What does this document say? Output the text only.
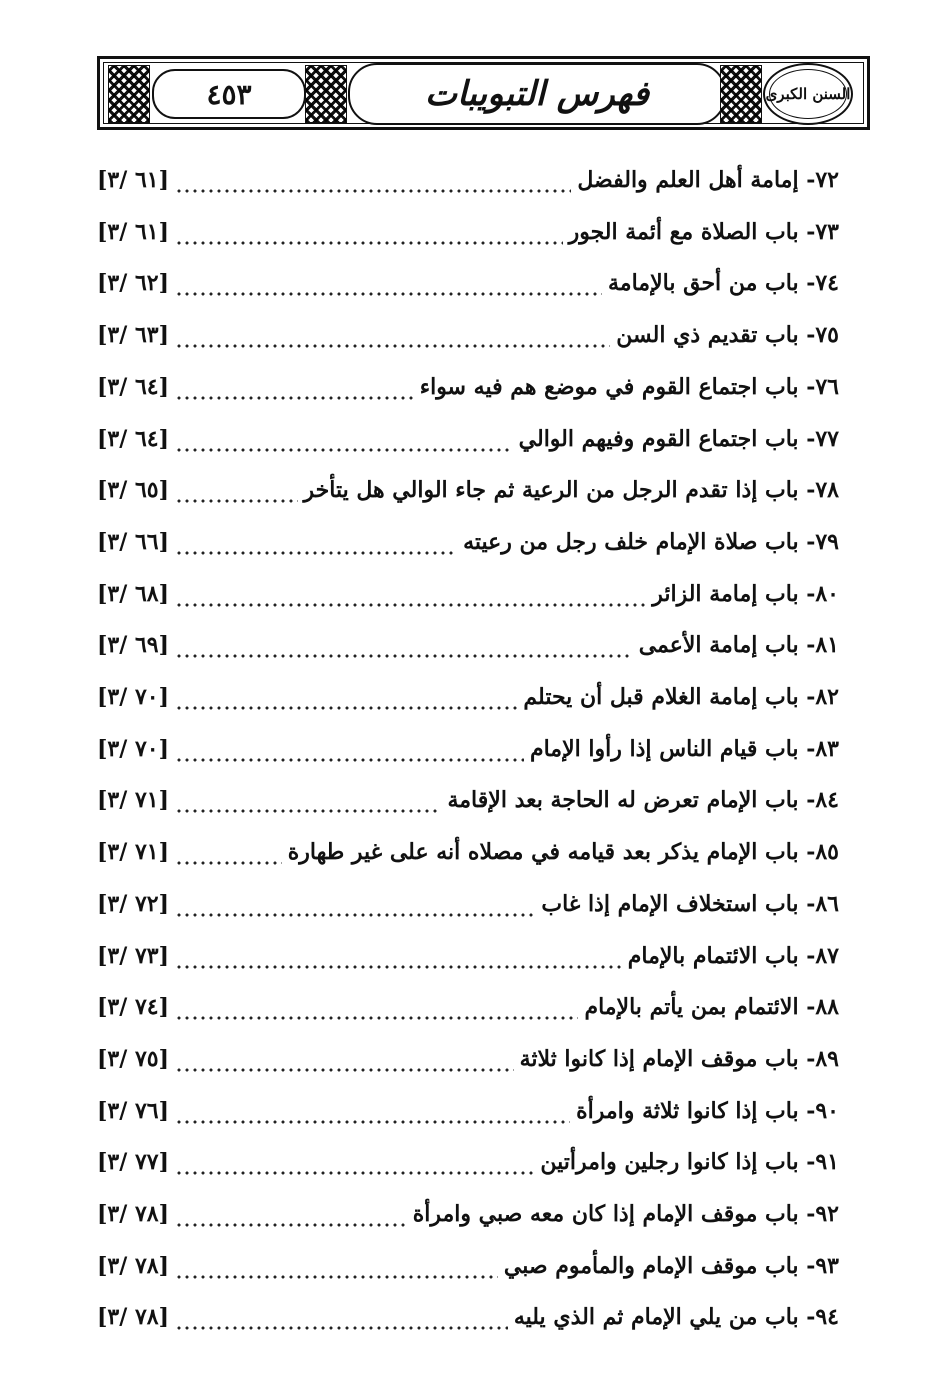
٤٥٣	فهرس التبويبات	السنن الكبرى
[٦١ /٣]	٧٢- إمامة أهل العلم والفضل
[٦١ /٣]	٧٣- باب الصلاة مع أئمة الجور
[٦٢ /٣]	٧٤- باب من أحق بالإمامة
[٦٣ /٣]	٧٥- باب تقديم ذي السن
[٦٤ /٣]	٧٦- باب اجتماع القوم في موضع هم فيه سواء
[٦٤ /٣]	٧٧- باب اجتماع القوم وفيهم الوالي
[٦٥ /٣]	٧٨- باب إذا تقدم الرجل من الرعية ثم جاء الوالي هل يتأخر
[٦٦ /٣]	٧٩- باب صلاة الإمام خلف رجل من رعيته
[٦٨ /٣]	٨٠- باب إمامة الزائر
[٦٩ /٣]	٨١- باب إمامة الأعمى
[٧٠ /٣]	٨٢- باب إمامة الغلام قبل أن يحتلم
[٧٠ /٣]	٨٣- باب قيام الناس إذا رأوا الإمام
[٧١ /٣]	٨٤- باب الإمام تعرض له الحاجة بعد الإقامة
[٧١ /٣]	٨٥- باب الإمام يذكر بعد قيامه في مصلاه أنه على غير طهارة
[٧٢ /٣]	٨٦- باب استخلاف الإمام إذا غاب
[٧٣ /٣]	٨٧- باب الائتمام بالإمام
[٧٤ /٣]	٨٨- الائتمام بمن يأتم بالإمام
[٧٥ /٣]	٨٩- باب موقف الإمام إذا كانوا ثلاثة
[٧٦ /٣]	٩٠- باب إذا كانوا ثلاثة وامرأة
[٧٧ /٣]	٩١- باب إذا كانوا رجلين وامرأتين
[٧٨ /٣]	٩٢- باب موقف الإمام إذا كان معه صبي وامرأة
[٧٨ /٣]	٩٣- باب موقف الإمام والمأموم صبي
[٧٨ /٣]	٩٤- باب من يلي الإمام ثم الذي يليه
